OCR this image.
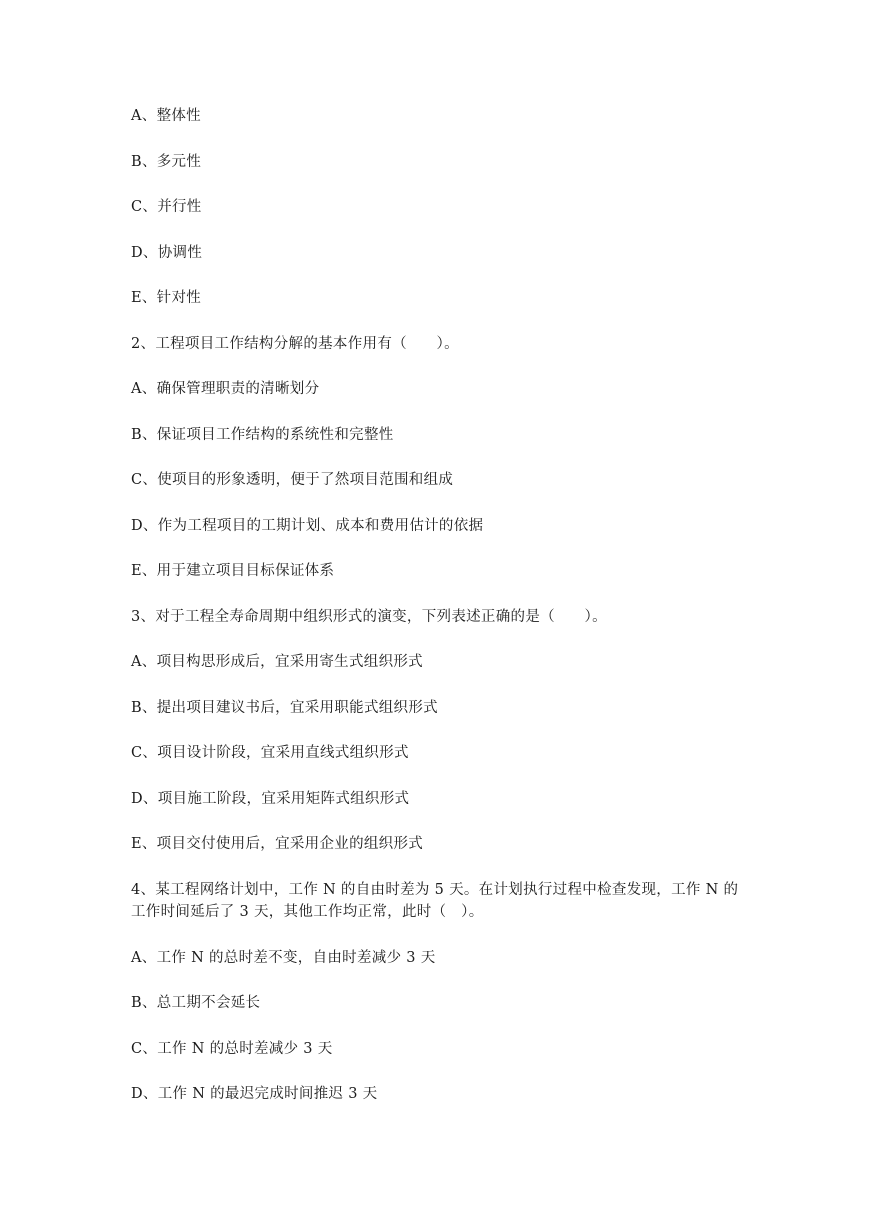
A、整体性
B、多元性
C、并行性
D、协调性
E、针对性
2、工程项目工作结构分解的基本作用有（　　）。
A、确保管理职责的清晰划分
B、保证项目工作结构的系统性和完整性
C、使项目的形象透明，便于了然项目范围和组成
D、作为工程项目的工期计划、成本和费用估计的依据
E、用于建立项目目标保证体系
3、对于工程全寿命周期中组织形式的演变，下列表述正确的是（　　）。
A、项目构思形成后，宜采用寄生式组织形式
B、提出项目建议书后，宜采用职能式组织形式
C、项目设计阶段，宜采用直线式组织形式
D、项目施工阶段，宜采用矩阵式组织形式
E、项目交付使用后，宜采用企业的组织形式
4、某工程网络计划中，工作 N 的自由时差为 5 天。在计划执行过程中检查发现，工作 N 的
工作时间延后了 3 天，其他工作均正常，此时（　）。
A、工作 N 的总时差不变，自由时差减少 3 天
B、总工期不会延长
C、工作 N 的总时差减少 3 天
D、工作 N 的最迟完成时间推迟 3 天
